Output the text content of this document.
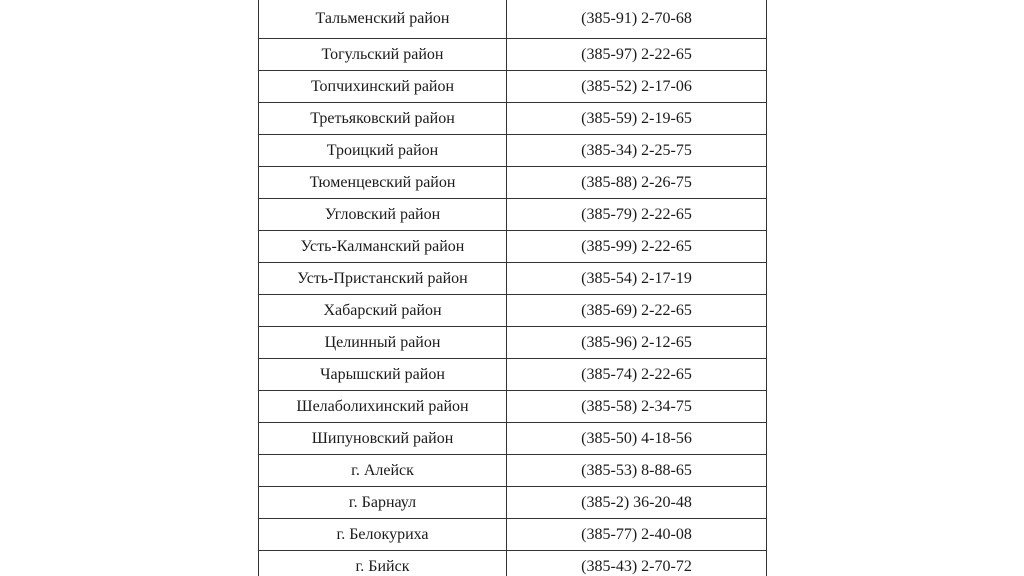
Тальменский район	(385-91) 2-70-68
Тогульский район	(385-97) 2-22-65
Топчихинский район	(385-52) 2-17-06
Третьяковский район	(385-59) 2-19-65
Троицкий район	(385-34) 2-25-75
Тюменцевский район	(385-88) 2-26-75
Угловский район	(385-79) 2-22-65
Усть-Калманский район	(385-99) 2-22-65
Усть-Пристанский район	(385-54) 2-17-19
Хабарский район	(385-69) 2-22-65
Целинный район	(385-96) 2-12-65
Чарышский район	(385-74) 2-22-65
Шелаболихинский район	(385-58) 2-34-75
Шипуновский район	(385-50) 4-18-56
г. Алейск	(385-53) 8-88-65
г. Барнаул	(385-2) 36-20-48
г. Белокуриха	(385-77) 2-40-08
г. Бийск	(385-43) 2-70-72
